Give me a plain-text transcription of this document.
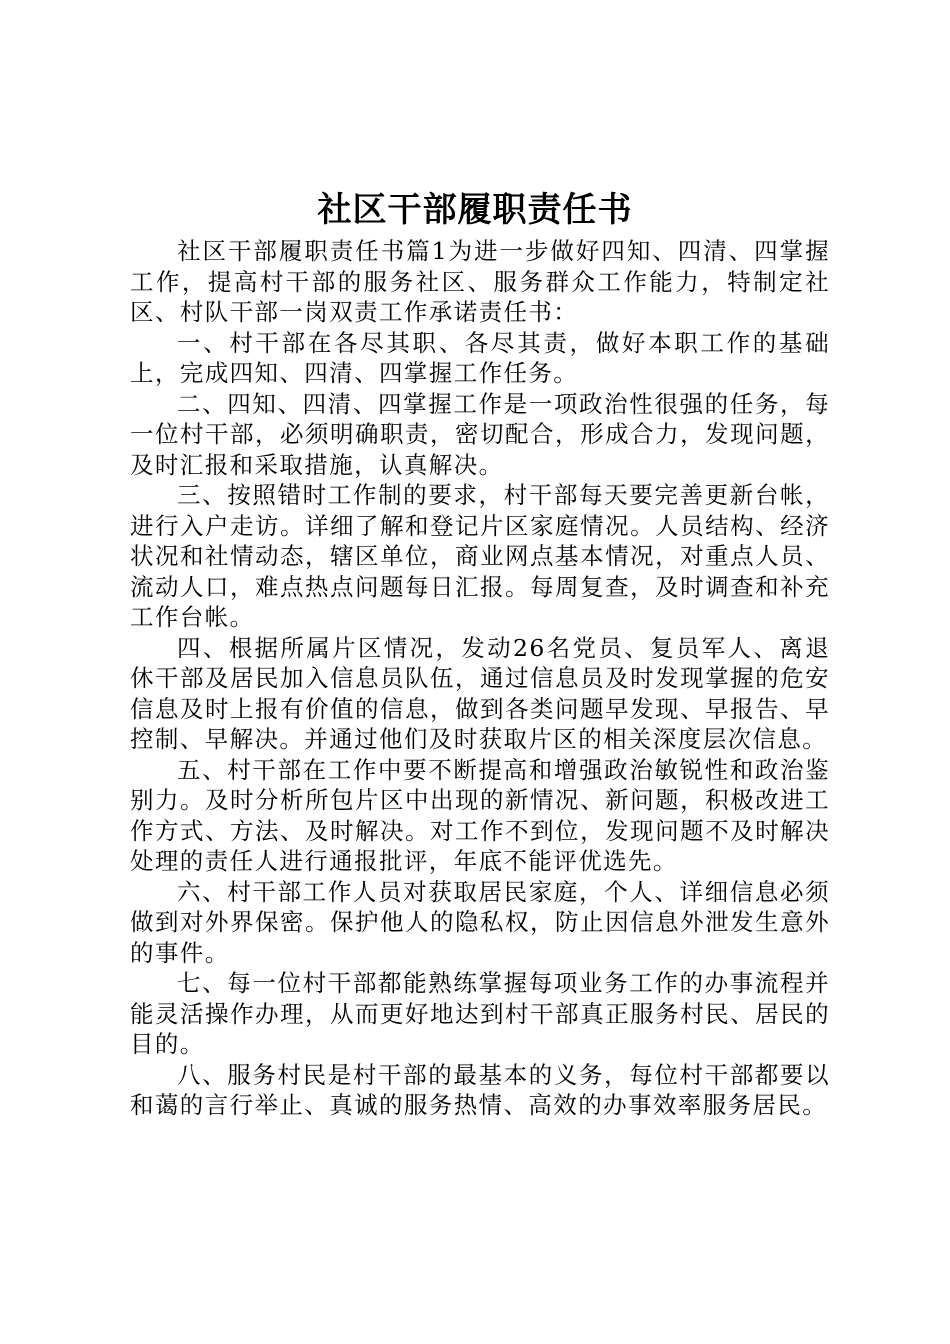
社区干部履职责任书

社区干部履职责任书篇1为进一步做好四知、四清、四掌握工作，提高村干部的服务社区、服务群众工作能力，特制定社区、村队干部一岗双责工作承诺责任书：

一、村干部在各尽其职、各尽其责，做好本职工作的基础上，完成四知、四清、四掌握工作任务。

二、四知、四清、四掌握工作是一项政治性很强的任务，每一位村干部，必须明确职责，密切配合，形成合力，发现问题，及时汇报和采取措施，认真解决。

三、按照错时工作制的要求，村干部每天要完善更新台帐，进行入户走访。详细了解和登记片区家庭情况。人员结构、经济状况和社情动态，辖区单位，商业网点基本情况，对重点人员、流动人口，难点热点问题每日汇报。每周复查，及时调查和补充工作台帐。

四、根据所属片区情况，发动26名党员、复员军人、离退休干部及居民加入信息员队伍，通过信息员及时发现掌握的危安信息及时上报有价值的信息，做到各类问题早发现、早报告、早控制、早解决。并通过他们及时获取片区的相关深度层次信息。

五、村干部在工作中要不断提高和增强政治敏锐性和政治鉴别力。及时分析所包片区中出现的新情况、新问题，积极改进工作方式、方法、及时解决。对工作不到位，发现问题不及时解决处理的责任人进行通报批评，年底不能评优选先。

六、村干部工作人员对获取居民家庭，个人、详细信息必须做到对外界保密。保护他人的隐私权，防止因信息外泄发生意外的事件。

七、每一位村干部都能熟练掌握每项业务工作的办事流程并能灵活操作办理，从而更好地达到村干部真正服务村民、居民的目的。

八、服务村民是村干部的最基本的义务，每位村干部都要以和蔼的言行举止、真诚的服务热情、高效的办事效率服务居民。
